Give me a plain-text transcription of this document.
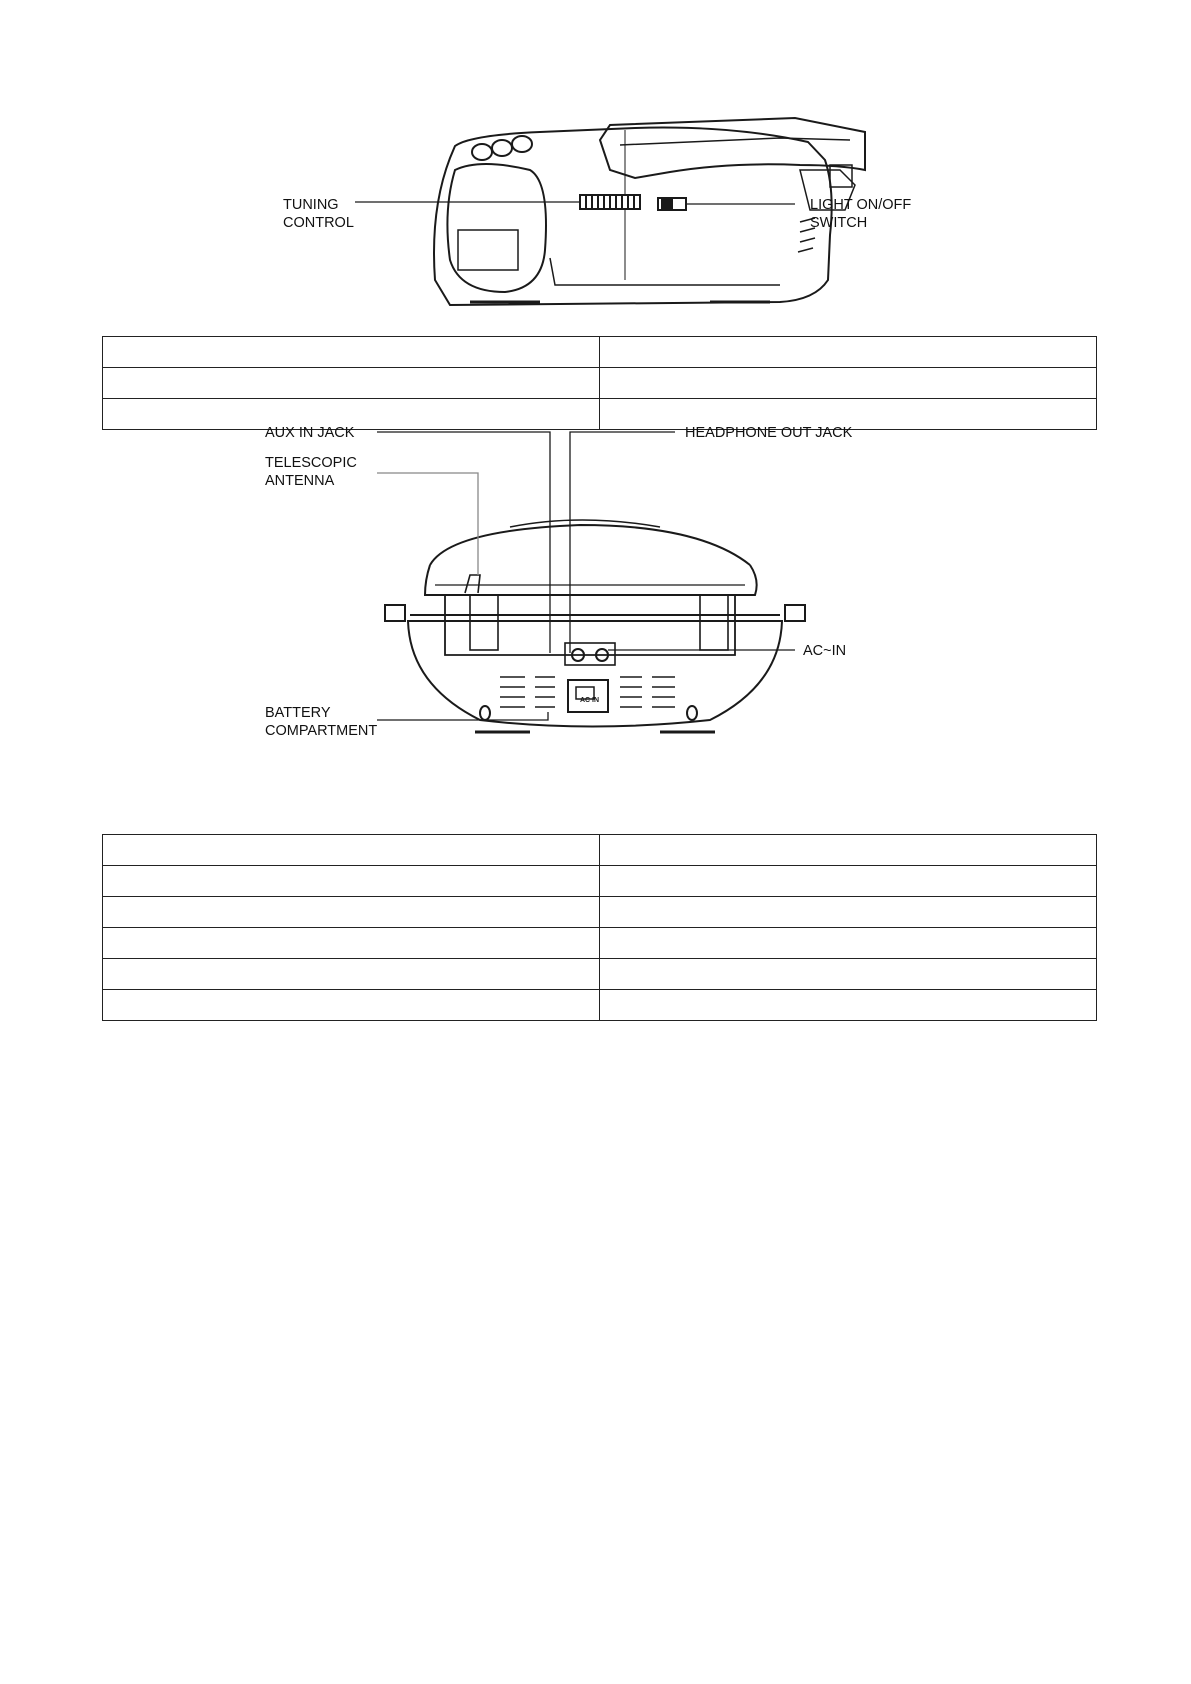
TUNING CONTROL
LIGHT ON/OFF SWITCH

AC IN
AUX IN JACK	HEADPHONE OUT JACK
TELESCOPIC ANTENNA
AC~IN
BATTERY COMPARTMENT
